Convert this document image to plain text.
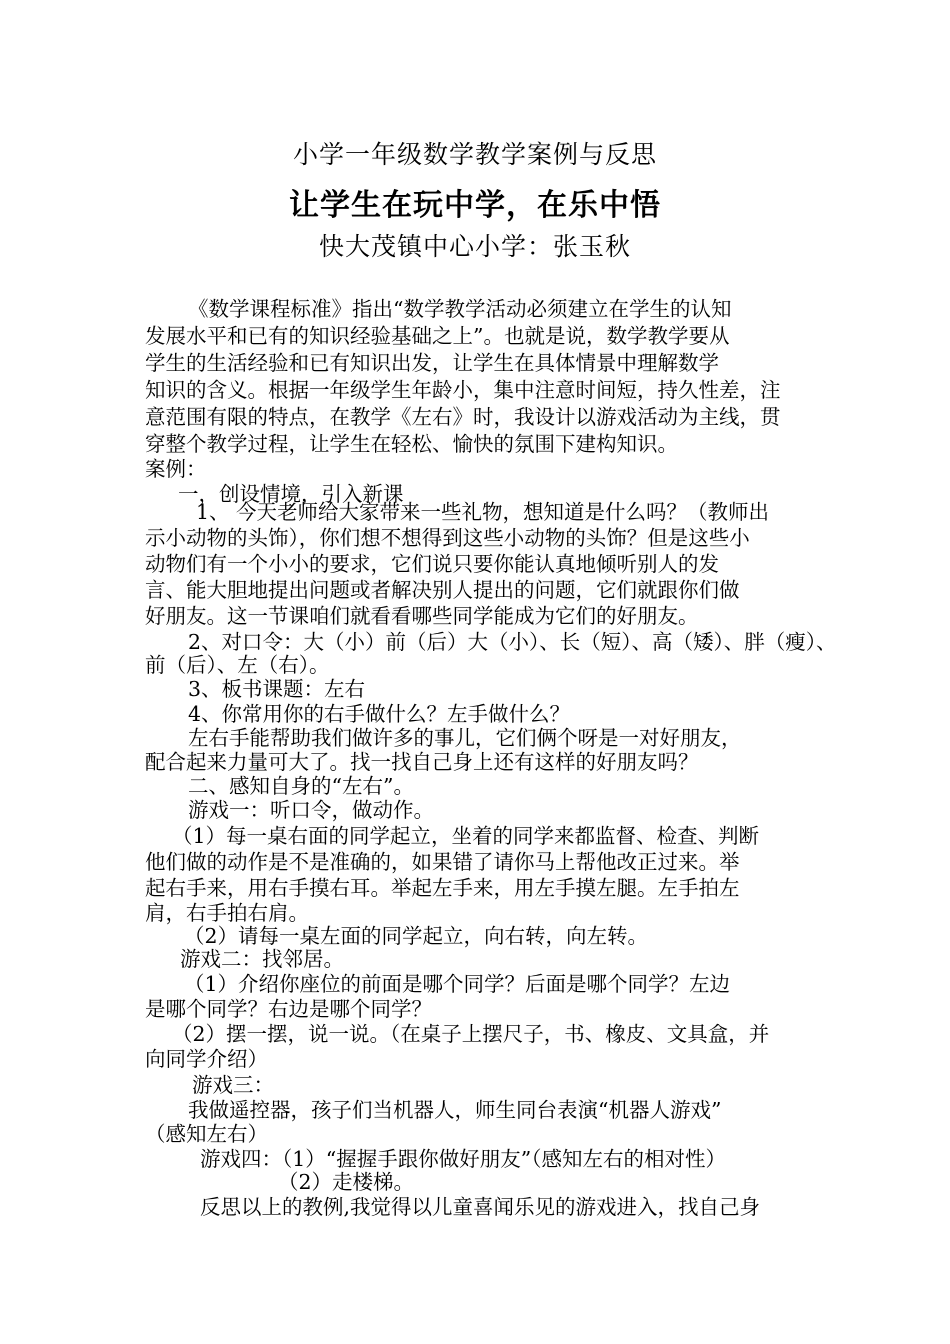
小学一年级数学教学案例与反思
让学生在玩中学，在乐中悟
快大茂镇中心小学：张玉秋
《数学课程标准》指出“数学教学活动必须建立在学生的认知
发展水平和已有的知识经验基础之上”。也就是说，数学教学要从
学生的生活经验和已有知识出发，让学生在具体情景中理解数学
知识的含义。根据一年级学生年龄小，集中注意时间短，持久性差，注
意范围有限的特点，在教学《左右》时，我设计以游戏活动为主线，贯
穿整个教学过程，让学生在轻松、愉快的氛围下建构知识。
案例：
一，创设情境，引入新课
1、 今天老师给大家带来一些礼物，想知道是什么吗？（教师出
示小动物的头饰），你们想不想得到这些小动物的头饰？但是这些小
动物们有一个小小的要求，它们说只要你能认真地倾听别人的发
言、能大胆地提出问题或者解决别人提出的问题，它们就跟你们做
好朋友。这一节课咱们就看看哪些同学能成为它们的好朋友。
2、对口令：大（小）前（后）大（小）、长（短）、高（矮）、胖（瘦）、
前（后）、左（右）。
3、板书课题：左右
4、你常用你的右手做什么？左手做什么？
左右手能帮助我们做许多的事儿，它们俩个呀是一对好朋友，
配合起来力量可大了。找一找自己身上还有这样的好朋友吗？
二、感知自身的“左右”。
游戏一：听口令，做动作。
（1）每一桌右面的同学起立，坐着的同学来都监督、检查、判断
他们做的动作是不是准确的，如果错了请你马上帮他改正过来。举
起右手来，用右手摸右耳。举起左手来，用左手摸左腿。左手拍左
肩，右手拍右肩。
（2）请每一桌左面的同学起立，向右转，向左转。
游戏二：找邻居。
（1）介绍你座位的前面是哪个同学？后面是哪个同学？左边
是哪个同学？右边是哪个同学？
（2）摆一摆，说一说。（在桌子上摆尺子，书、橡皮、文具盒，并
向同学介绍）
游戏三：
我做遥控器，孩子们当机器人，师生同台表演“机器人游戏”
（感知左右）
游戏四：（1）“握握手跟你做好朋友”（感知左右的相对性）
（2）走楼梯。
反思以上的教例,我觉得以儿童喜闻乐见的游戏进入，找自己身
